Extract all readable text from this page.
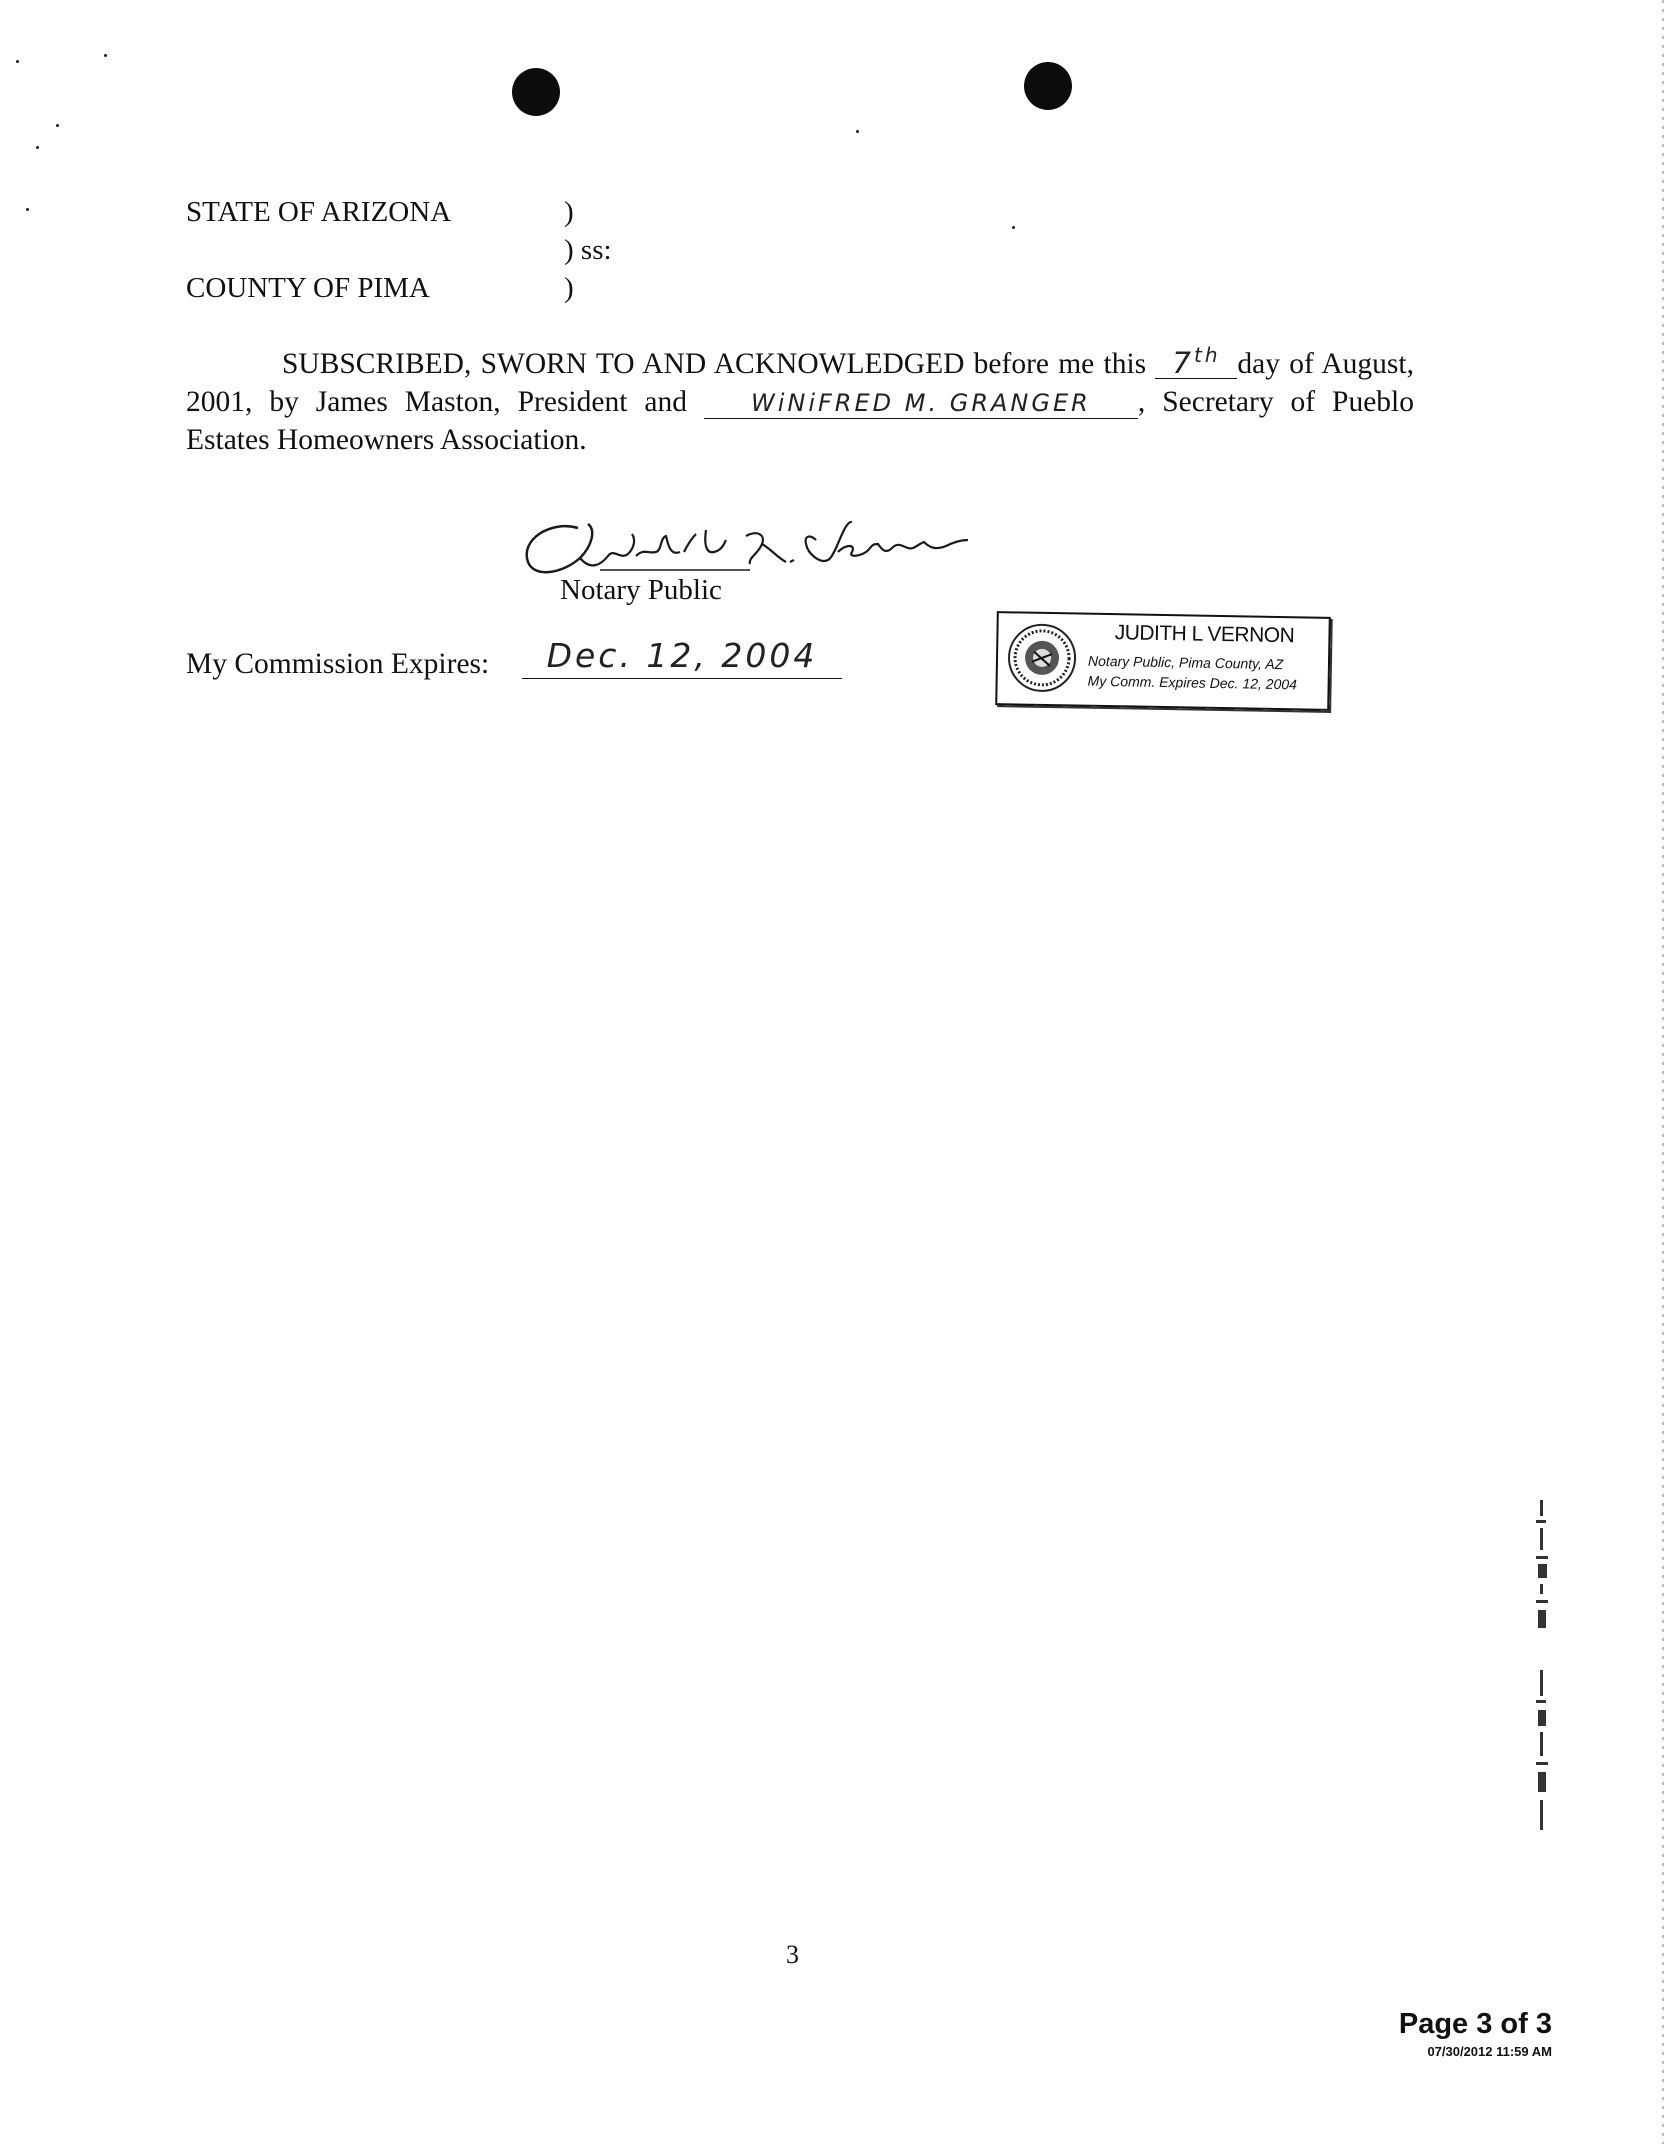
STATE OF ARIZONA	)
) ss:
COUNTY OF PIMA	)
SUBSCRIBED, SWORN TO AND ACKNOWLEDGED before me this 7th day of August, 2001, by James Maston, President and	WiNiFRED M. GRANGER , Secretary of Pueblo Estates Homeowners Association.
Notary Public
My Commission Expires:	Dec. 12, 2004
JUDITH L VERNON
Notary Public, Pima County, AZ
My Comm. Expires Dec. 12, 2004
3
Page 3 of 3
07/30/2012 11:59 AM
